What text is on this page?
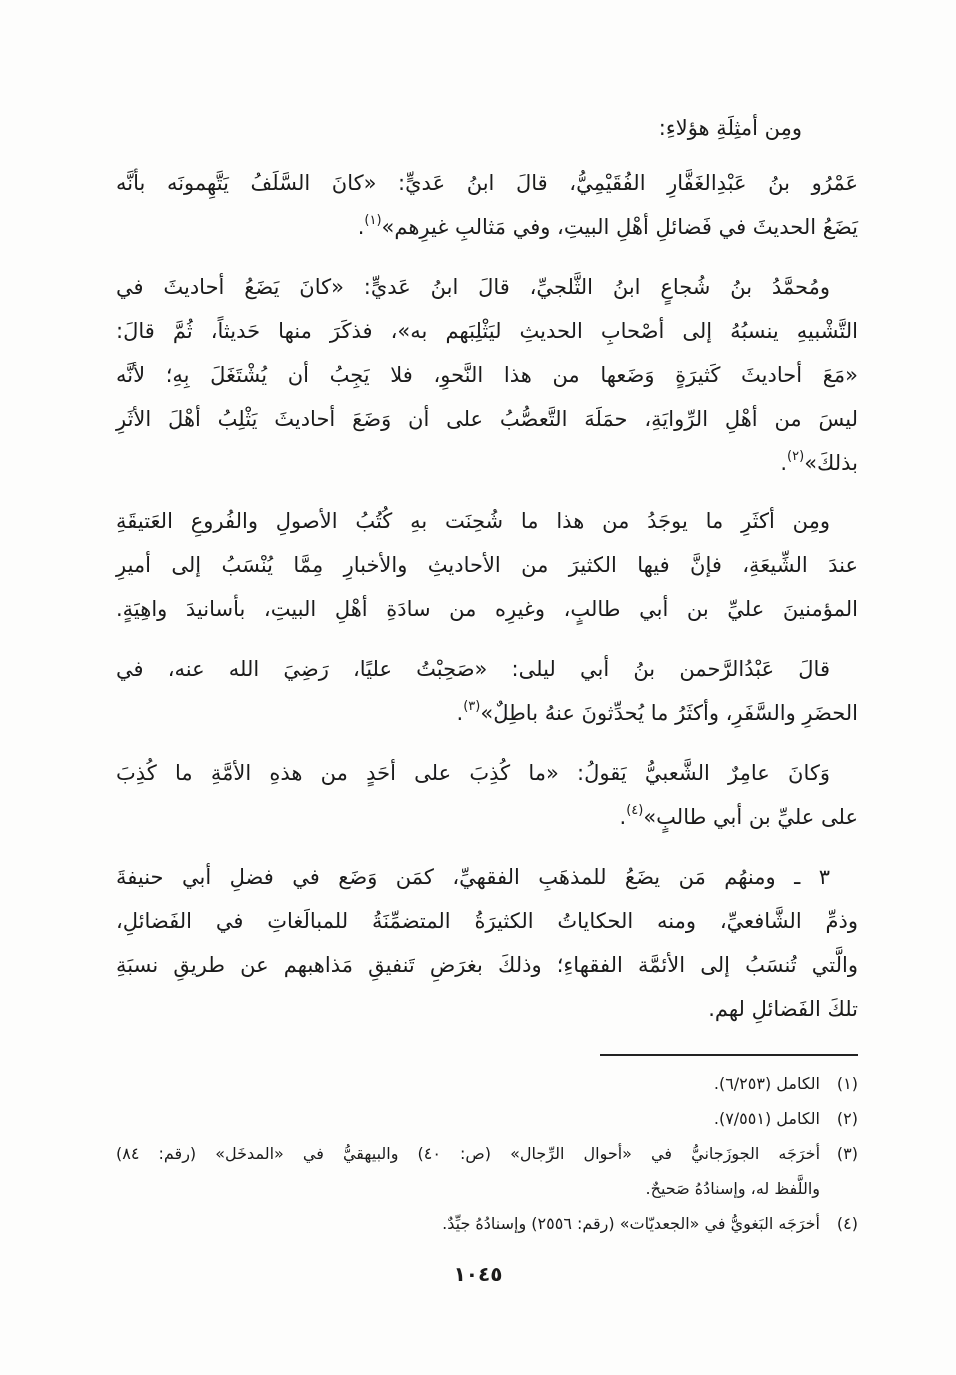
ومِن أمثِلَةِ هؤلاءِ:
عَمْرُو بنُ عَبْدِالغَفَّارِ الفُقَيْمِيُّ، قالَ ابنُ عَديٍّ: «كانَ السَّلَفُ يَتَّهِمونَه بأنَّه
يَضَعُ الحديثَ في فَضائلِ أهْلِ البيتِ، وفي مَثالبِ غيرِهم»$^{(١)}$.
ومُحمَّدُ بنُ شُجاعٍ ابنُ الثَّلجيِّ، قالَ ابنُ عَديٍّ: «كانَ يَضَعُ أحاديثَ في
التَّشْبيهِ ينسبُهُ إلى أصْحابِ الحديثِ ليَثْلِبَهم به»، فذكَرَ منها حَديثاً، ثُمَّ قالَ:
«مَعَ أحاديثَ كَثيرَةٍ وَضَعها من هذا النَّحوِ، فلا يَجِبُ أن يُشْتَغَلَ بِهِ؛ لأنَّه
ليسَ من أهْلِ الرِّوايَةِ، حمَلَهَ التَّعصُّبُ على أن وَضَعَ أحاديثَ يَثْلِبُ أهْلَ الأثَرِ
بذلكَ»$^{(٢)}$.
ومِن أكثَرِ ما يوجَدُ من هذا ما شُحِنَت بهِ كُتُبُ الأصولِ والفُروعِ العَتيقَةِ
عندَ الشِّيعَةِ، فإنَّ فيها الكثيرَ من الأحاديثِ والأخبارِ مِمَّا يُنْسَبُ إلى أميرِ
المؤمنينَ عليِّ بن أبي طالبٍ، وغيرِه من سادَةِ أهْلِ البيتِ، بأسانيدَ واهِيَةٍ.
قالَ عَبْدُالرَّحمن بنُ أبي ليلى: «صَحِبْتُ عليًا، رَضِيَ الله عنه، في
الحضَرِ والسَّفَرِ، وأكثَرُ ما يُحدِّثونَ عنهُ باطِلٌ»$^{(٣)}$.
وَكانَ عامِرٌ الشَّعبيُّ يَقولُ: «ما كُذِبَ على أحَدٍ من هذهِ الأمَّةِ ما كُذِبَ
على عليِّ بن أبي طالبٍ»$^{(٤)}$.
٣ ـ ومنهُم مَن يضَعُ للمذهَبِ الفقهيِّ، كمَن وَضَع في فضلِ أبي حنيفةَ
وذمِّ الشَّافعيِّ، ومنه الحكاياتُ الكثيرَةُ المتضمِّنَةُ للمبالَغاتِ في الفَضائلِ،
والَّتي تُنسَبُ إلى الأئمَّة الفقهاءِ؛ وذلكَ بغرَضِ تَنفيقِ مَذاهبهم عن طريقِ نسبَةِ
تلكَ الفَضائلِ لهم.
(١)
الكامل (٦/٢٥٣).
(٢)
الكامل (٧/٥٥١).
(٣)
أخرَجَه الجوزَجانيُّ في «أحوال الرِّجال» (ص: ٤٠) والبيهقيُّ في «المدخَل» (رقم: ٨٤)
واللَّفظ له، وإسنادُهُ صَحيحٌ.
(٤)
أخرَجَه البَغويُّ في «الجعديّات» (رقم: ٢٥٥٦) وإسنادُهُ جيِّدٌ.
١٠٤٥
